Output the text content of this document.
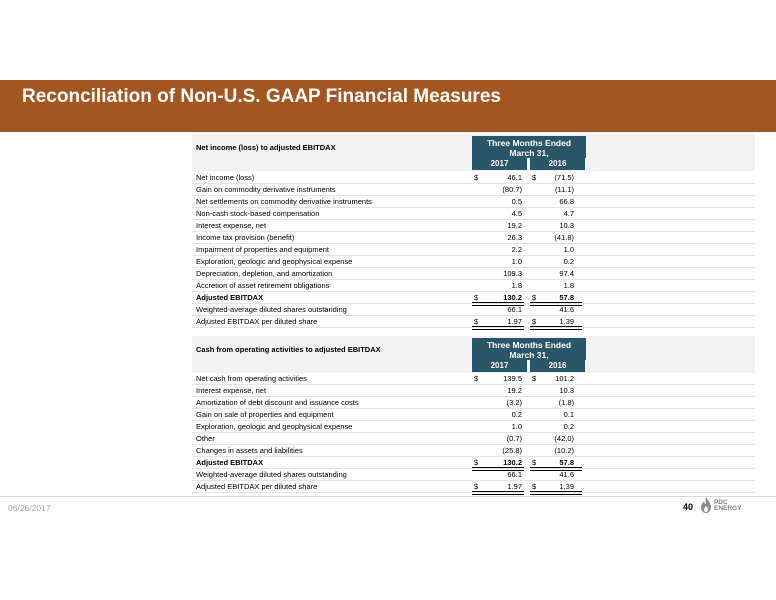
Reconciliation of Non-U.S. GAAP Financial Measures
Net income (loss) to adjusted EBITDAX	Three Months Ended
March 31,
2017	2016
Net income (loss)	$	46.1 $	(71.5)
Gain on commodity derivative instruments	(80.7)	(11.1)
Net settlements on commodity derivative instruments	0.5	66.8
Non-cash stock-based compensation	4.5	4.7
Interest expense, net	19.2	10.3
Income tax provision (benefit)	26.3	(41.8)
Impairment of properties and equipment	2.2	1.0
Exploration, geologic and geophysical expense	1.0	0.2
Depreciation, depletion, and amortization	109.3	97.4
Accretion of asset retirement obligations	1.8	1.8
Adjusted EBITDAX	$	130.2 $	57.8
Weighted-average diluted shares outstanding	66.1	41.6
Adjusted EBITDAX per diluted share	$	1.97 $	1.39
Cash from operating activities to adjusted EBITDAX	Three Months Ended
March 31,
2017	2016
Net cash from operating activities	$	139.5 $	101.2
Interest expense, net	19.2	10.3
Amortization of debt discount and issuance costs	(3.2)	(1.8)
Gain on sale of properties and equipment	0.2	0.1
Exploration, geologic and geophysical expense	1.0	0.2
Other	(0.7)	(42.0)
Changes in assets and liabilities	(25.8)	(10.2)
Adjusted EBITDAX	$	130.2 $	57.8
Weighted-average diluted shares outstanding	66.1	41.6
Adjusted EBITDAX per diluted share	$	1.97 $	1.39
06/26/2017	40	PDC
ENERGY
